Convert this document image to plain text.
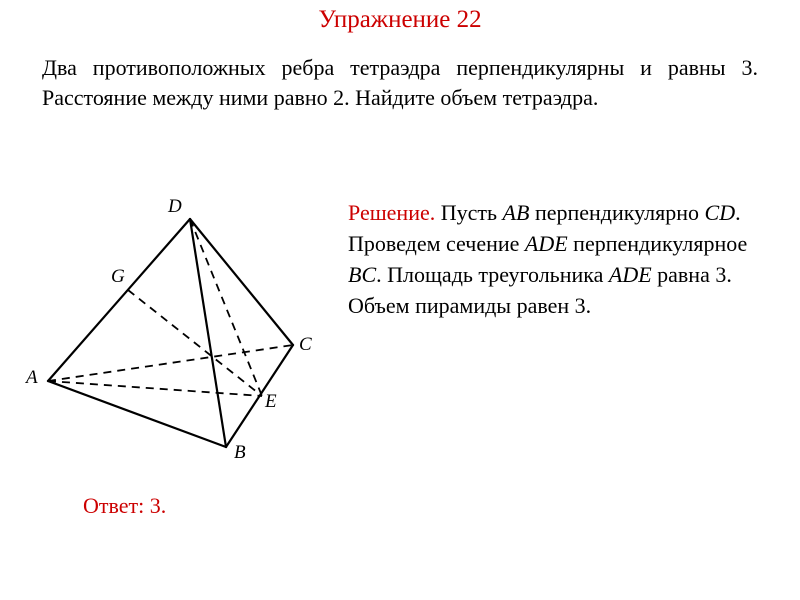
Упражнение 22
Два противоположных ребра тетраэдра перпендикулярны и равны 3. Расстояние между ними равно 2. Найдите объем тетраэдра.
D
G
C
A
E
B
Решение. Пусть AB перпендикулярно CD. Проведем сечение ADE перпендикулярное BC. Площадь треугольника ADE равна 3. Объем пирамиды равен 3.
Ответ: 3.
